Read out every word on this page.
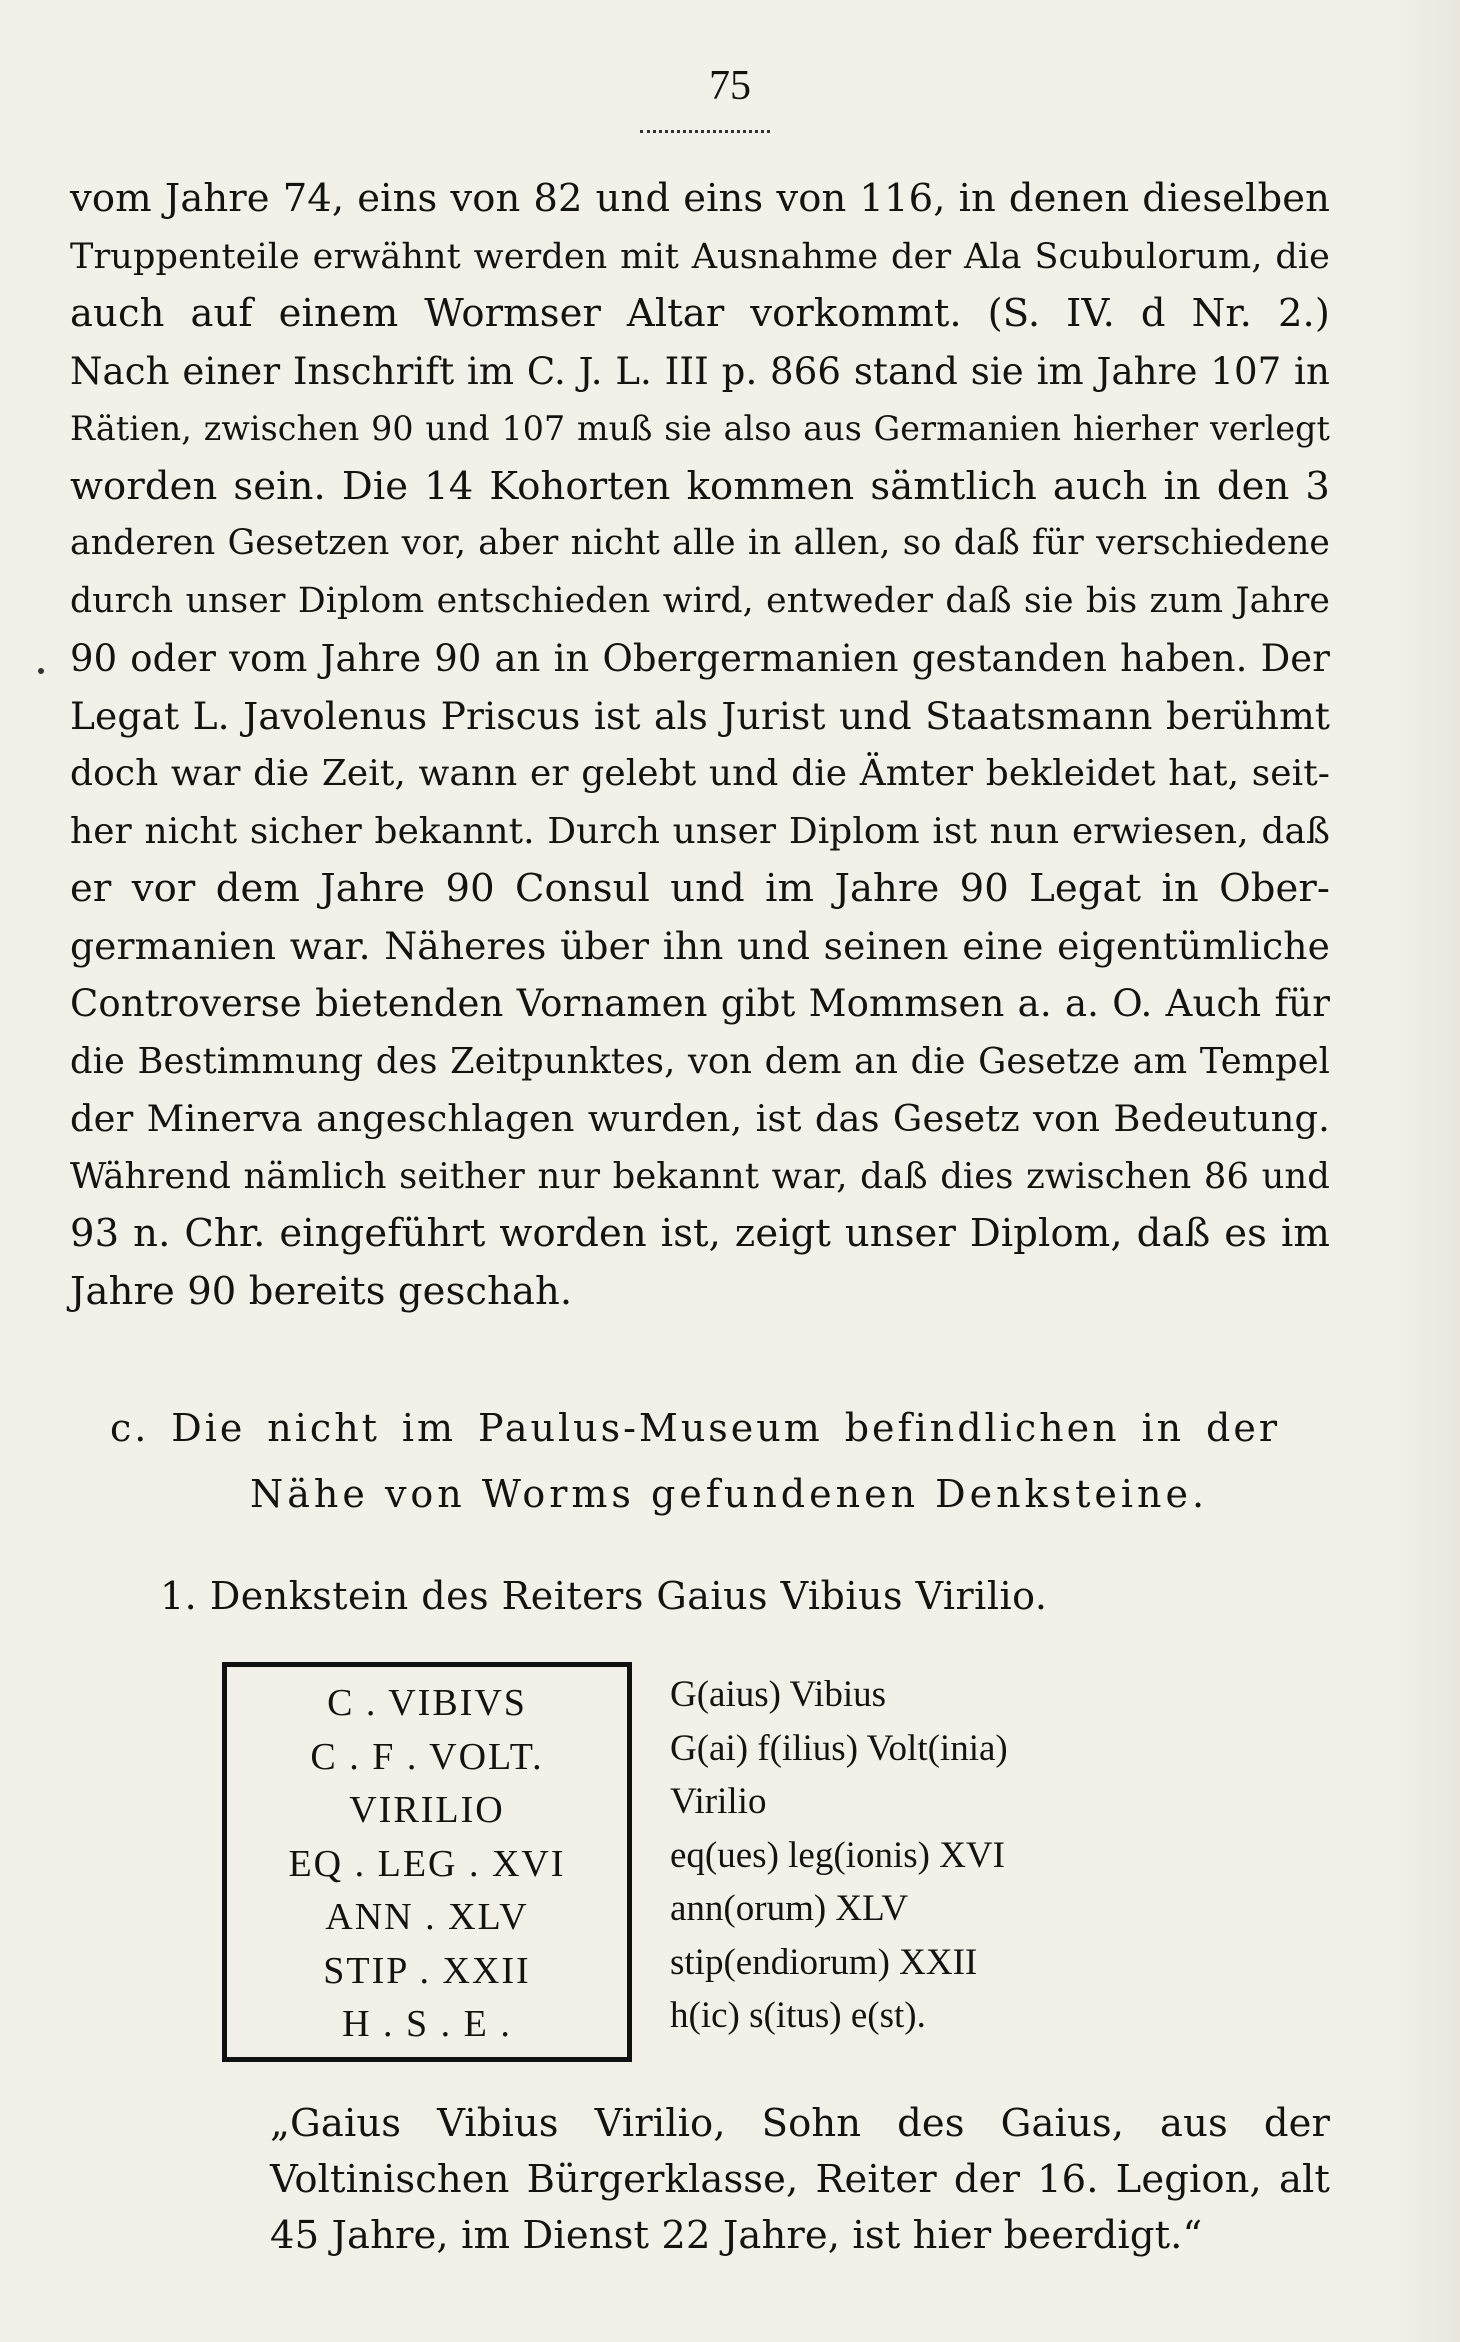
75
vom Jahre 74, eins von 82 und eins von 116, in denen dieselben
Truppenteile erwähnt werden mit Ausnahme der Ala Scubulorum, die
auch auf einem Wormser Altar vorkommt. (S. IV. d Nr. 2.)
Nach einer Inschrift im C. J. L. III p. 866 stand sie im Jahre 107 in
Rätien, zwischen 90 und 107 muß sie also aus Germanien hierher verlegt
worden sein. Die 14 Kohorten kommen sämtlich auch in den 3
anderen Gesetzen vor, aber nicht alle in allen, so daß für verschiedene
durch unser Diplom entschieden wird, entweder daß sie bis zum Jahre
90 oder vom Jahre 90 an in Obergermanien gestanden haben. Der
Legat L. Javolenus Priscus ist als Jurist und Staatsmann berühmt
doch war die Zeit, wann er gelebt und die Ämter bekleidet hat, seit-
her nicht sicher bekannt. Durch unser Diplom ist nun erwiesen, daß
er vor dem Jahre 90 Consul und im Jahre 90 Legat in Ober-
germanien war. Näheres über ihn und seinen eine eigentümliche
Controverse bietenden Vornamen gibt Mommsen a. a. O. Auch für
die Bestimmung des Zeitpunktes, von dem an die Gesetze am Tempel
der Minerva angeschlagen wurden, ist das Gesetz von Bedeutung.
Während nämlich seither nur bekannt war, daß dies zwischen 86 und
93 n. Chr. eingeführt worden ist, zeigt unser Diplom, daß es im
Jahre 90 bereits geschah.
c. Die nicht im Paulus-Museum befindlichen in der
Nähe von Worms gefundenen Denksteine.
1. Denkstein des Reiters Gaius Vibius Virilio.
C . VIBIVS
C . F . VOLT.
VIRILIO
EQ . LEG . XVI
ANN . XLV
STIP . XXII
H . S . E .
G(aius) Vibius
G(ai) f(ilius) Volt(inia)
Virilio
eq(ues) leg(ionis) XVI
ann(orum) XLV
stip(endiorum) XXII
h(ic) s(itus) e(st).
„Gaius Vibius Virilio, Sohn des Gaius, aus der
Voltinischen Bürgerklasse, Reiter der 16. Legion, alt
45 Jahre, im Dienst 22 Jahre, ist hier beerdigt.“
